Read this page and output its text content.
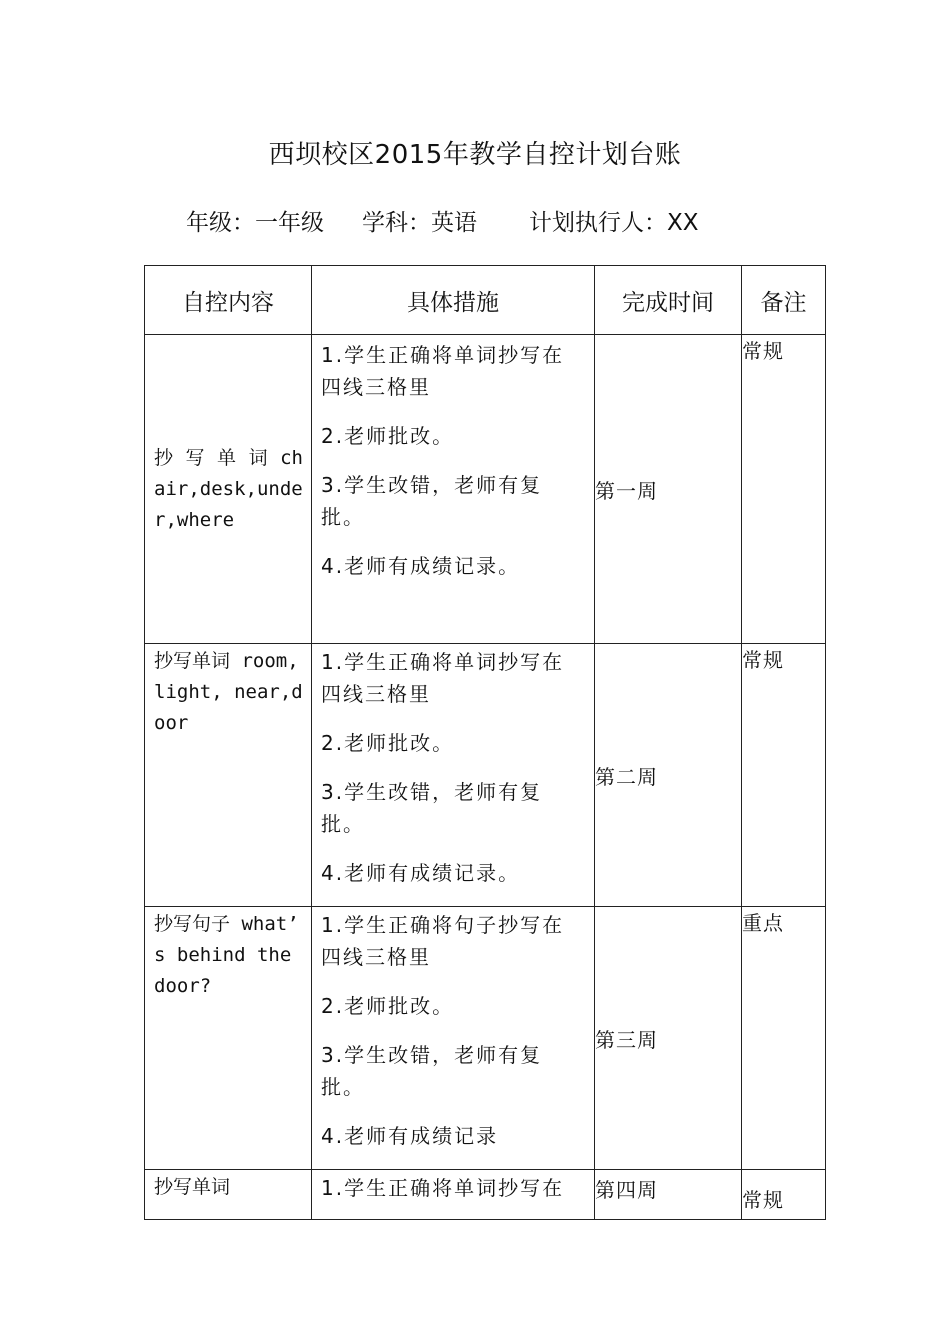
西坝校区2015年教学自控计划台账
年级：一年级 学科：英语 计划执行人：XX
自控内容	具体措施	完成时间	备注

抄 写 单 词 chair,desk,under,where	1.学生正确将单词抄写在四线三格里

2.老师批改。

3.学生改错，老师有复批。

4.老师有成绩记录。	第一周	常规

抄写单词 room,light, near,door	1.学生正确将单词抄写在四线三格里

2.老师批改。

3.学生改错，老师有复批。

4.老师有成绩记录。	第二周	常规

抄写句子 what’ s behind the door?	1.学生正确将句子抄写在四线三格里

2.老师批改。

3.学生改错，老师有复批。

4.老师有成绩记录	第三周	重点

抄写单词	1.学生正确将单词抄写在	第四周	常规
